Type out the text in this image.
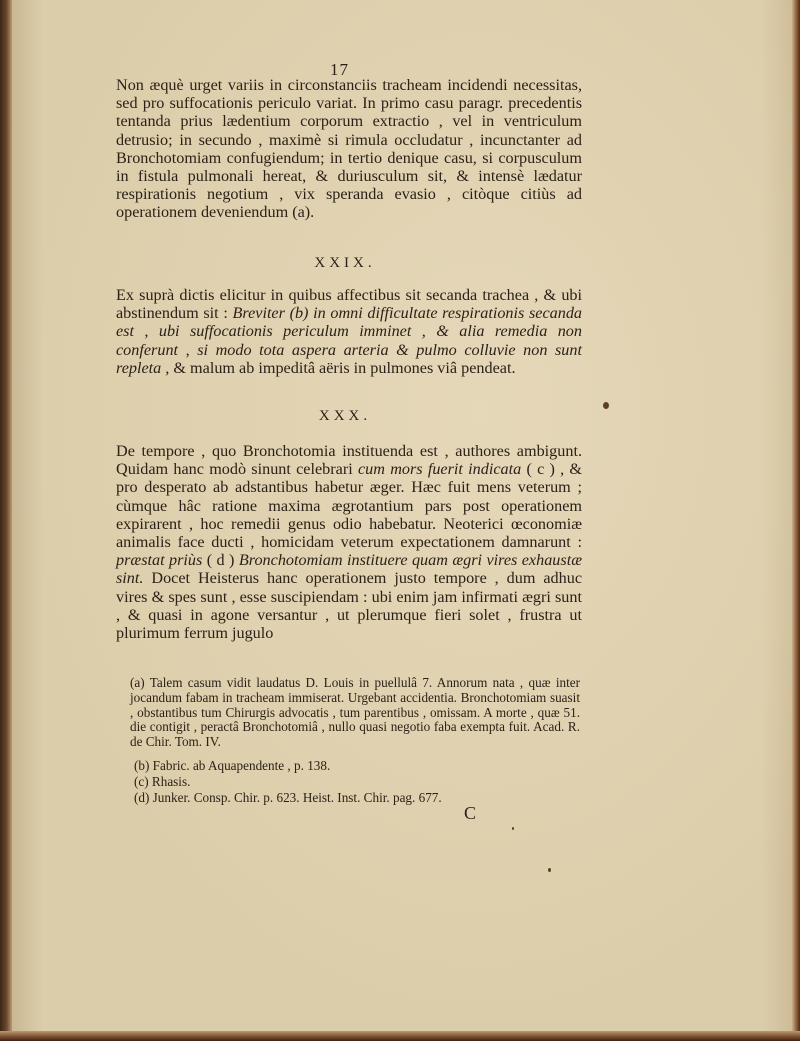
17

Non æquè urget variis in circonstanciis tracheam incidendi necessitas, sed pro suffocationis periculo variat. In primo casu paragr. precedentis tentanda prius lædentium corporum extractio , vel in ventriculum detrusio; in secundo , maximè si rimula occludatur , incunctanter ad Bronchotomiam confugiendum; in tertio denique casu, si corpusculum in fistula pulmonali hereat, & duriusculum sit, & intensè lædatur respirationis negotium , vix speranda evasio , citòque citiùs ad operationem deveniendum (a).

XXIX.

Ex suprà dictis elicitur in quibus affectibus sit secanda trachea , & ubi abstinendum sit : Breviter (b) in omni difficultate respirationis secanda est , ubi suffocationis periculum imminet , & alia remedia non conferunt , si modo tota aspera arteria & pulmo colluvie non sunt repleta , & malum ab impeditâ aëris in pulmones viâ pendeat.

XXX.

De tempore , quo Bronchotomia instituenda est , authores ambigunt. Quidam hanc modò sinunt celebrari cum mors fuerit indicata ( c ) , & pro desperato ab adstantibus habetur æger. Hæc fuit mens veterum ; cùmque hâc ratione maxima ægrotantium pars post operationem expirarent , hoc remedii genus odio habebatur. Neoterici œconomiæ animalis face ducti , homicidam veterum expectationem damnarunt : præstat priùs ( d ) Bronchotomiam instituere quam ægri vires exhaustæ sint. Docet Heisterus hanc operationem justo tempore , dum adhuc vires & spes sunt , esse suscipiendam : ubi enim jam infirmati ægri sunt , & quasi in agone versantur , ut plerumque fieri solet , frustra ut plurimum ferrum jugulo

(a) Talem casum vidit laudatus D. Louis in puellulâ 7. Annorum nata , quæ inter jocandum fabam in tracheam immiserat. Urgebant accidentia. Bronchotomiam suasit , obstantibus tum Chirurgis advocatis , tum parentibus , omissam. A morte , quæ 51. die contigit , peractâ Bronchotomiâ , nullo quasi negotio faba exempta fuit. Acad. R. de Chir. Tom. IV.

(b) Fabric. ab Aquapendente , p. 138.

(c) Rhasis.

(d) Junker. Consp. Chir. p. 623. Heist. Inst. Chir. pag. 677.

C
